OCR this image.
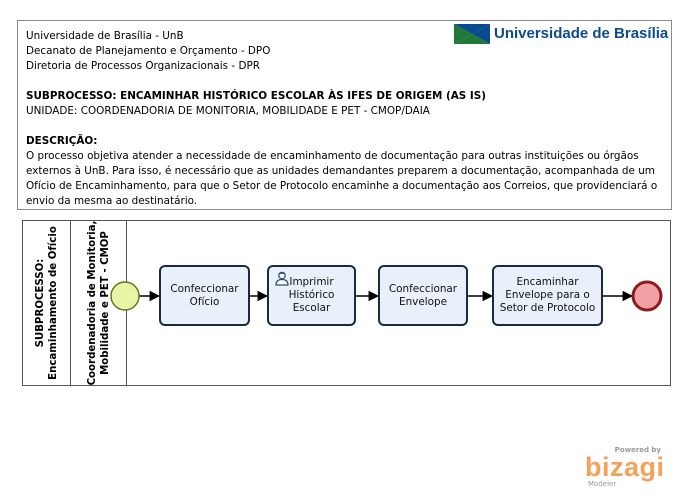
Universidade de Brasília - UnB
Decanato de Planejamento e Orçamento - DPO
Diretoria de Processos Organizacionais - DPR
SUBPROCESSO: ENCAMINHAR HISTÓRICO ESCOLAR ÀS IFES DE ORIGEM (AS IS)
UNIDADE: COORDENADORIA DE MONITORIA, MOBILIDADE E PET - CMOP/DAIA
DESCRIÇÃO:
O processo objetiva atender a necessidade de encaminhamento de documentação para outras instituições ou órgãos externos à UnB. Para isso, é necessário que as unidades demandantes preparem a documentação, acompanhada de um Ofício de Encaminhamento, para que o Setor de Protocolo encaminhe a documentação aos Correios, que providenciará o envio da mesma ao destinatário.
Universidade de Brasília
SUBPROCESSO: Encaminhamento de Ofício	Coordenadoria de Monitoria, Mobilidade e PET - CMOP	Confeccionar Ofício
Imprimir Histórico Escolar
Confeccionar Envelope
Encaminhar Envelope para o Setor de Protocolo
Powered by
bizagi
Modeler
